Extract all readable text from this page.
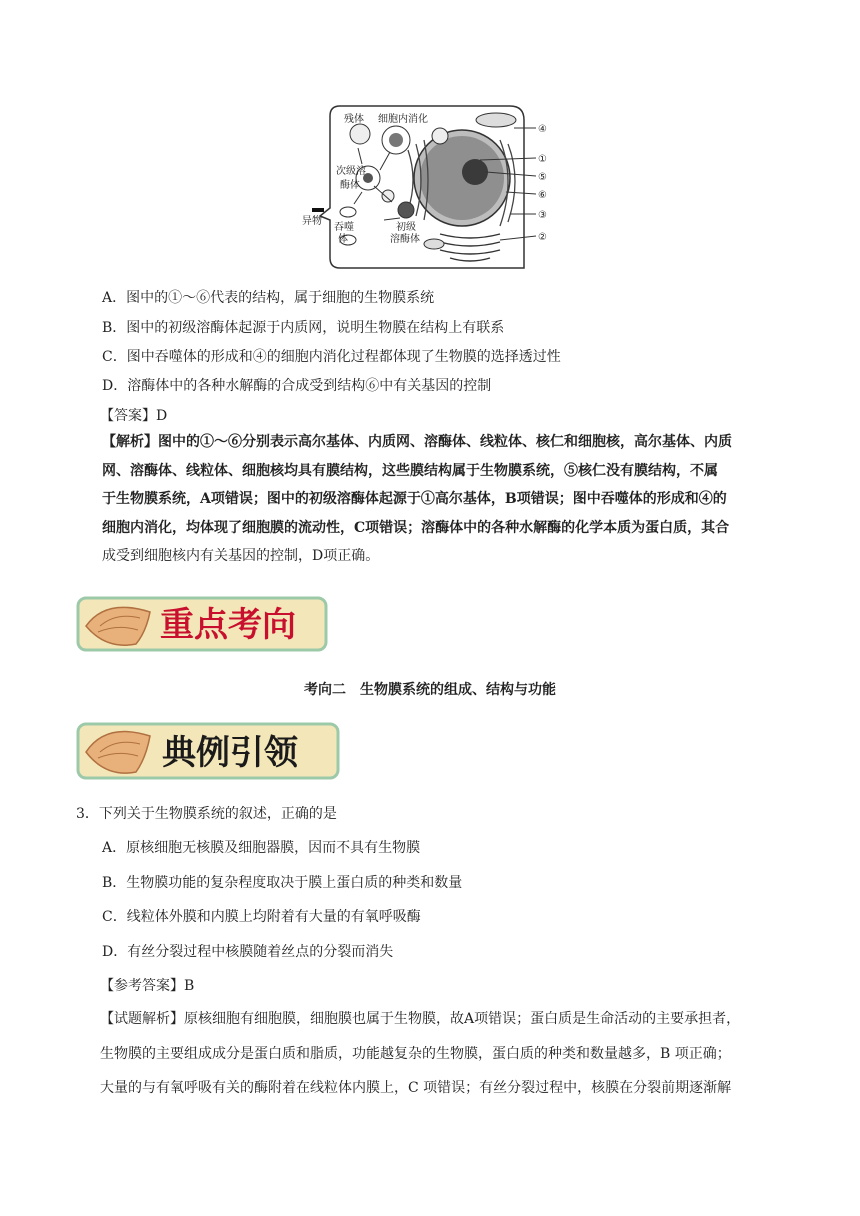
残体 细胞内消化
次级溶
酶体
异物
吞噬
体
初级
溶酶体
④
①
⑤
⑥
③
②
A．图中的①～⑥代表的结构，属于细胞的生物膜系统
B．图中的初级溶酶体起源于内质网，说明生物膜在结构上有联系
C．图中吞噬体的形成和④的细胞内消化过程都体现了生物膜的选择透过性
D．溶酶体中的各种水解酶的合成受到结构⑥中有关基因的控制
【答案】D

【解析】图中的①～⑥分别表示高尔基体、内质网、溶酶体、线粒体、核仁和细胞核，高尔基体、内质

网、溶酶体、线粒体、细胞核均具有膜结构，这些膜结构属于生物膜系统，⑤核仁没有膜结构，不属

于生物膜系统，A项错误；图中的初级溶酶体起源于①高尔基体，B项错误；图中吞噬体的形成和④的

细胞内消化，均体现了细胞膜的流动性，C项错误；溶酶体中的各种水解酶的化学本质为蛋白质，其合

成受到细胞核内有关基因的控制，D项正确。

重点考向
考向二　生物膜系统的组成、结构与功能
典例引领
3．下列关于生物膜系统的叙述，正确的是
A．原核细胞无核膜及细胞器膜，因而不具有生物膜
B．生物膜功能的复杂程度取决于膜上蛋白质的种类和数量
C．线粒体外膜和内膜上均附着有大量的有氧呼吸酶
D．有丝分裂过程中核膜随着丝点的分裂而消失
【参考答案】B

【试题解析】原核细胞有细胞膜，细胞膜也属于生物膜，故A项错误；蛋白质是生命活动的主要承担者，

生物膜的主要组成成分是蛋白质和脂质，功能越复杂的生物膜，蛋白质的种类和数量越多，B 项正确；

大量的与有氧呼吸有关的酶附着在线粒体内膜上，C 项错误；有丝分裂过程中，核膜在分裂前期逐渐解
